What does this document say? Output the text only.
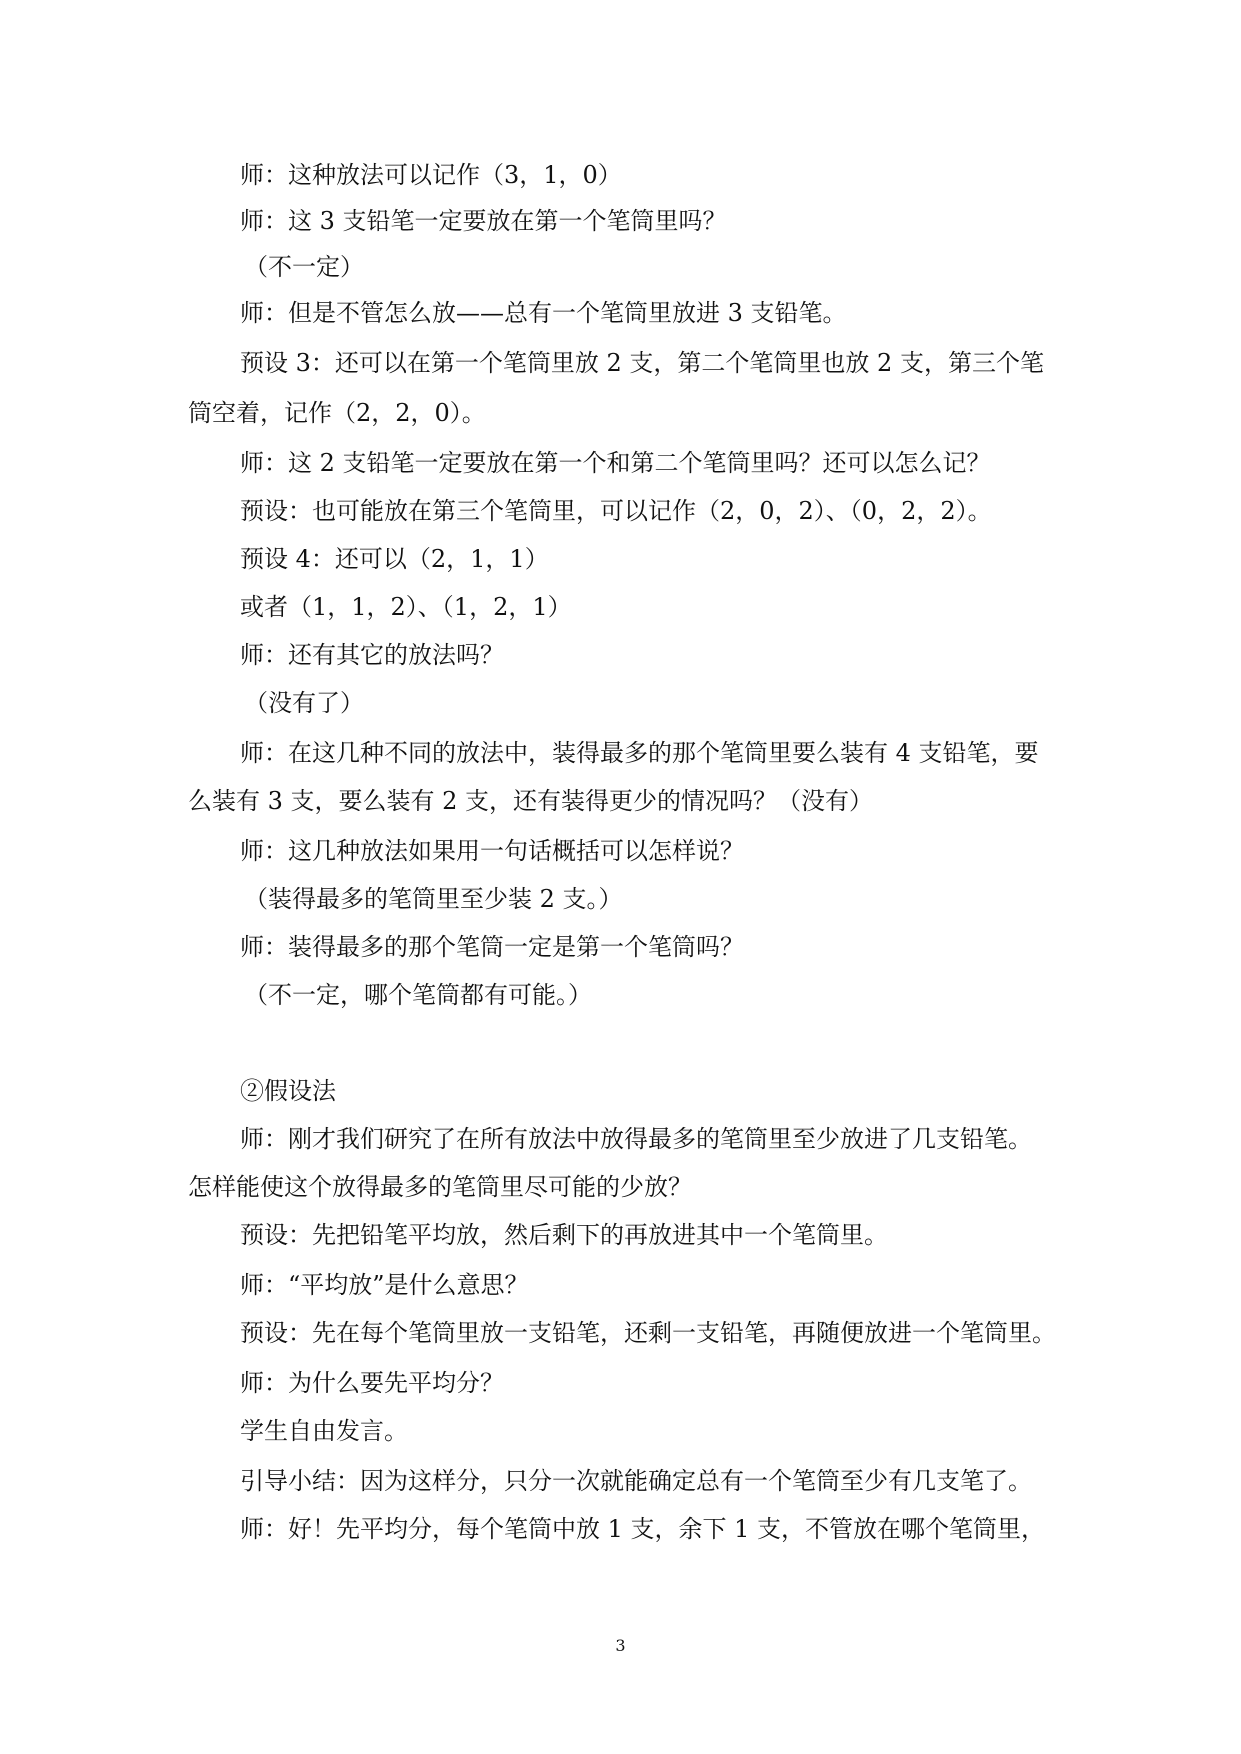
师：这种放法可以记作（3，1，0）
师：这 3 支铅笔一定要放在第一个笔筒里吗？
（不一定）
师：但是不管怎么放——总有一个笔筒里放进 3 支铅笔。
预设 3：还可以在第一个笔筒里放 2 支，第二个笔筒里也放 2 支，第三个笔
筒空着，记作（2，2，0）。
师：这 2 支铅笔一定要放在第一个和第二个笔筒里吗？还可以怎么记？
预设：也可能放在第三个笔筒里，可以记作（2，0，2）、（0，2，2）。
预设 4：还可以（2，1，1）
或者（1，1，2）、（1，2，1）
师：还有其它的放法吗？
（没有了）
师：在这几种不同的放法中，装得最多的那个笔筒里要么装有 4 支铅笔，要
么装有 3 支，要么装有 2 支，还有装得更少的情况吗？（没有）
师：这几种放法如果用一句话概括可以怎样说？
（装得最多的笔筒里至少装 2 支。）
师：装得最多的那个笔筒一定是第一个笔筒吗？
（不一定，哪个笔筒都有可能。）
②假设法
师：刚才我们研究了在所有放法中放得最多的笔筒里至少放进了几支铅笔。
怎样能使这个放得最多的笔筒里尽可能的少放？
预设：先把铅笔平均放，然后剩下的再放进其中一个笔筒里。
师：“平均放”是什么意思？
预设：先在每个笔筒里放一支铅笔，还剩一支铅笔，再随便放进一个笔筒里。
师：为什么要先平均分？
学生自由发言。
引导小结：因为这样分，只分一次就能确定总有一个笔筒至少有几支笔了。
师：好！先平均分，每个笔筒中放 1 支，余下 1 支，不管放在哪个笔筒里，
3
